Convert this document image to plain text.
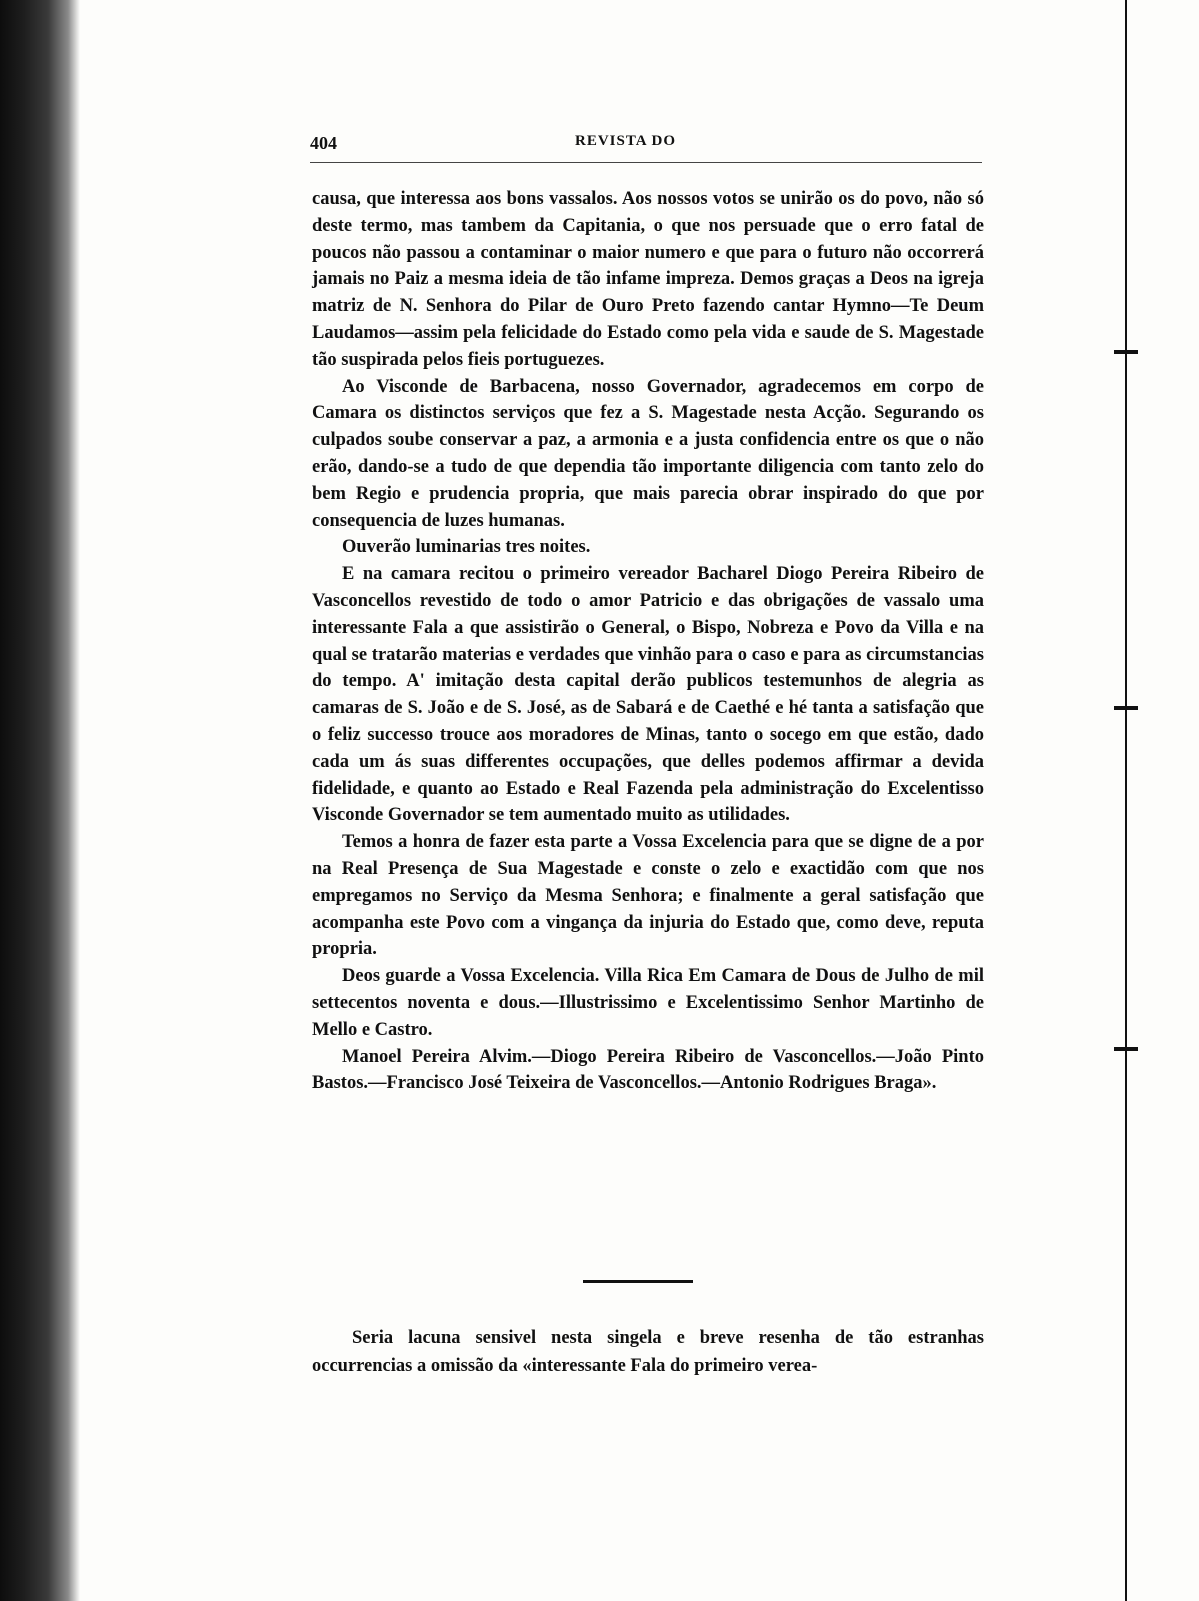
404	REVISTA DO

causa, que interessa aos bons vassalos. Aos nossos votos se unirão os do povo, não só deste termo, mas tambem da Capitania, o que nos persuade que o erro fatal de poucos não passou a contaminar o maior numero e que para o futuro não occorrerá jamais no Paiz a mesma ideia de tão infame impreza. Demos graças a Deos na igreja matriz de N. Senhora do Pilar de Ouro Preto fazendo cantar Hymno—Te Deum Laudamos—assim pela felicidade do Estado como pela vida e saude de S. Magestade tão suspirada pelos fieis portuguezes.

Ao Visconde de Barbacena, nosso Governador, agradecemos em corpo de Camara os distinctos serviços que fez a S. Magestade nesta Acção. Segurando os culpados soube conservar a paz, a armonia e a justa confidencia entre os que o não erão, dando-se a tudo de que dependia tão importante diligencia com tanto zelo do bem Regio e prudencia propria, que mais parecia obrar inspirado do que por consequencia de luzes humanas.

Ouverão luminarias tres noites.

E na camara recitou o primeiro vereador Bacharel Diogo Pereira Ribeiro de Vasconcellos revestido de todo o amor Patricio e das obrigações de vassalo uma interessante Fala a que assistirão o General, o Bispo, Nobreza e Povo da Villa e na qual se tratarão materias e verdades que vinhão para o caso e para as circumstancias do tempo. A' imitação desta capital derão publicos testemunhos de alegria as camaras de S. João e de S. José, as de Sabará e de Caethé e hé tanta a satisfação que o feliz successo trouce aos moradores de Minas, tanto o socego em que estão, dado cada um ás suas differentes occupações, que delles podemos affirmar a devida fidelidade, e quanto ao Estado e Real Fazenda pela administração do Excelentisso Visconde Governador se tem aumentado muito as utilidades.

Temos a honra de fazer esta parte a Vossa Excelencia para que se digne de a por na Real Presença de Sua Magestade e conste o zelo e exactidão com que nos empregamos no Serviço da Mesma Senhora; e finalmente a geral satisfação que acompanha este Povo com a vingança da injuria do Estado que, como deve, reputa propria.

Deos guarde a Vossa Excelencia. Villa Rica Em Camara de Dous de Julho de mil settecentos noventa e dous.—Illustrissimo e Excelentissimo Senhor Martinho de Mello e Castro.

Manoel Pereira Alvim.—Diogo Pereira Ribeiro de Vasconcellos.—João Pinto Bastos.—Francisco José Teixeira de Vasconcellos.—Antonio Rodrigues Braga».

Seria lacuna sensivel nesta singela e breve resenha de tão estranhas occurrencias a omissão da «interessante Fala do primeiro verea-
